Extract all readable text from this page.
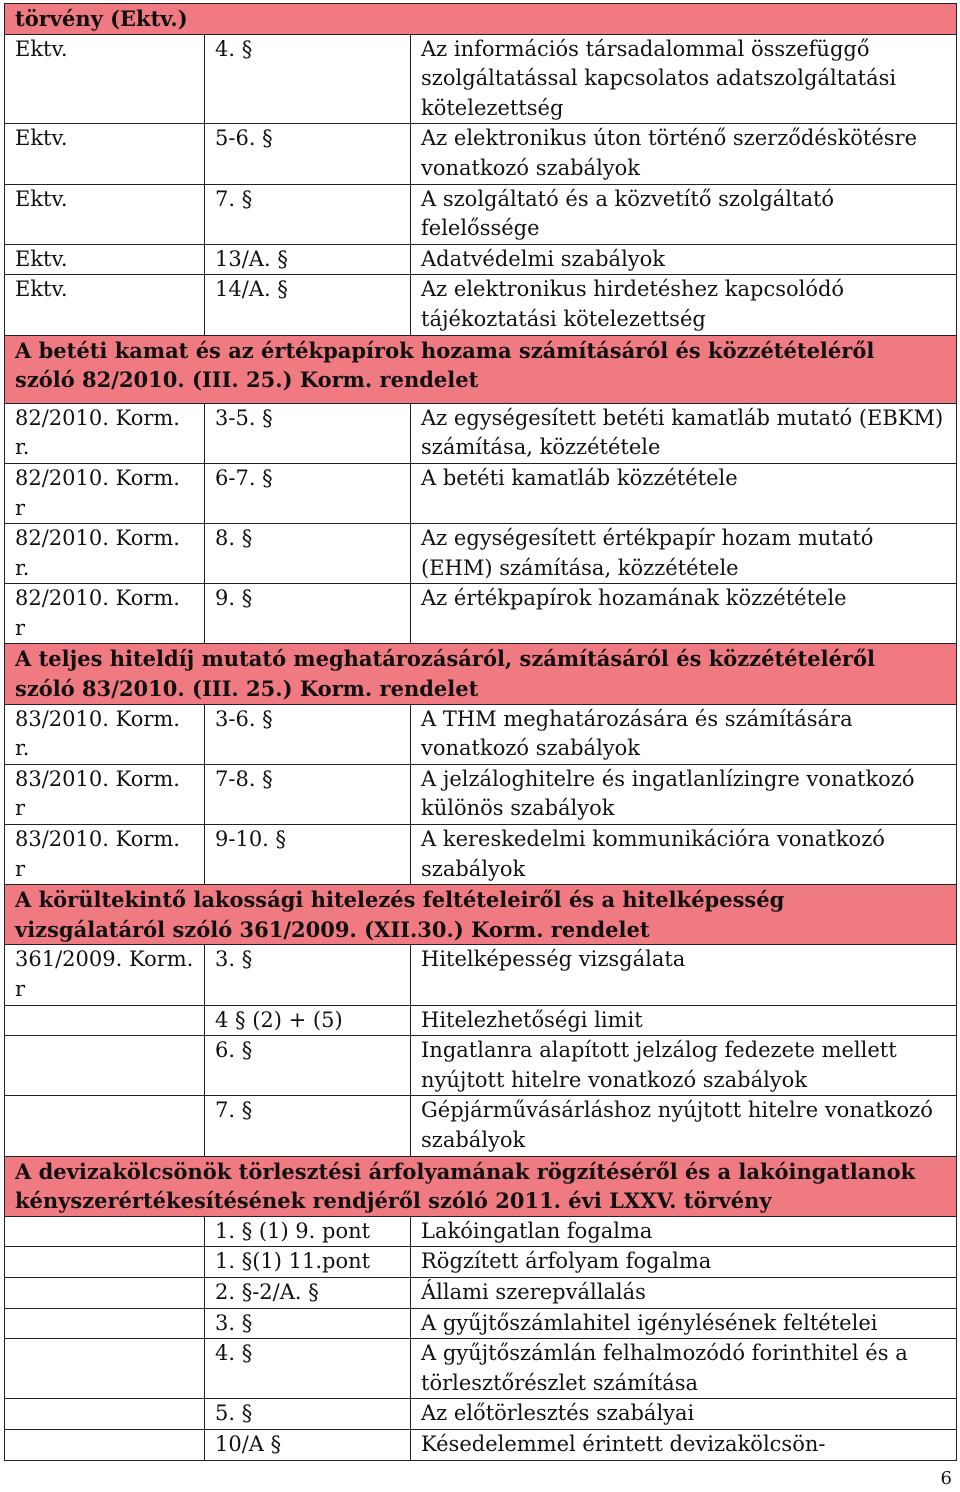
törvény (Ektv.)		
Ektv.	4. §	Az információs társadalommal összefüggő szolgáltatással kapcsolatos adatszolgáltatási kötelezettség
Ektv.	5-6. §	Az elektronikus úton történő szerződéskötésre vonatkozó szabályok
Ektv.	7. §	A szolgáltató és a közvetítő szolgáltató felelőssége
Ektv.	13/A. §	Adatvédelmi szabályok
Ektv.	14/A. §	Az elektronikus hirdetéshez kapcsolódó tájékoztatási kötelezettség
A betéti kamat és az értékpapírok hozama számításáról és közzétételéről szóló 82/2010. (III. 25.) Korm. rendelet		
82/2010. Korm. r.	3-5. §	Az egységesített betéti kamatláb mutató (EBKM) számítása, közzététele
82/2010. Korm. r	6-7. §	A betéti kamatláb közzététele
82/2010. Korm. r.	8. §	Az egységesített értékpapír hozam mutató (EHM) számítása, közzététele
82/2010. Korm. r	9. §	Az értékpapírok hozamának közzététele
A teljes hiteldíj mutató meghatározásáról, számításáról és közzétételéről szóló 83/2010. (III. 25.) Korm. rendelet		
83/2010. Korm. r.	3-6. §	A THM meghatározására és számítására vonatkozó szabályok
83/2010. Korm. r	7-8. §	A jelzáloghitelre és ingatlanlízingre vonatkozó különös szabályok
83/2010. Korm. r	9-10. §	A kereskedelmi kommunikációra vonatkozó szabályok
A körültekintő lakossági hitelezés feltételeiről és a hitelképesség vizsgálatáról szóló 361/2009. (XII.30.) Korm. rendelet		
361/2009. Korm. r	3. §	Hitelképesség vizsgálata
	4 § (2) + (5)	Hitelezhetőségi limit
	6. §	Ingatlanra alapított jelzálog fedezete mellett nyújtott hitelre vonatkozó szabályok
	7. §	Gépjárművásárláshoz nyújtott hitelre vonatkozó szabályok
A devizakölcsönök törlesztési árfolyamának rögzítéséről és a lakóingatlanok kényszerértékesítésének rendjéről szóló 2011. évi LXXV. törvény		
	1. § (1) 9. pont	Lakóingatlan fogalma
	1. §(1) 11.pont	Rögzített árfolyam fogalma
	2. §-2/A. §	Állami szerepvállalás
	3. §	A gyűjtőszámlahitel igénylésének feltételei
	4. §	A gyűjtőszámlán felhalmozódó forinthitel és a törlesztőrészlet számítása
	5. §	Az előtörlesztés szabályai
	10/A §	Késedelemmel érintett devizakölcsön-
6
